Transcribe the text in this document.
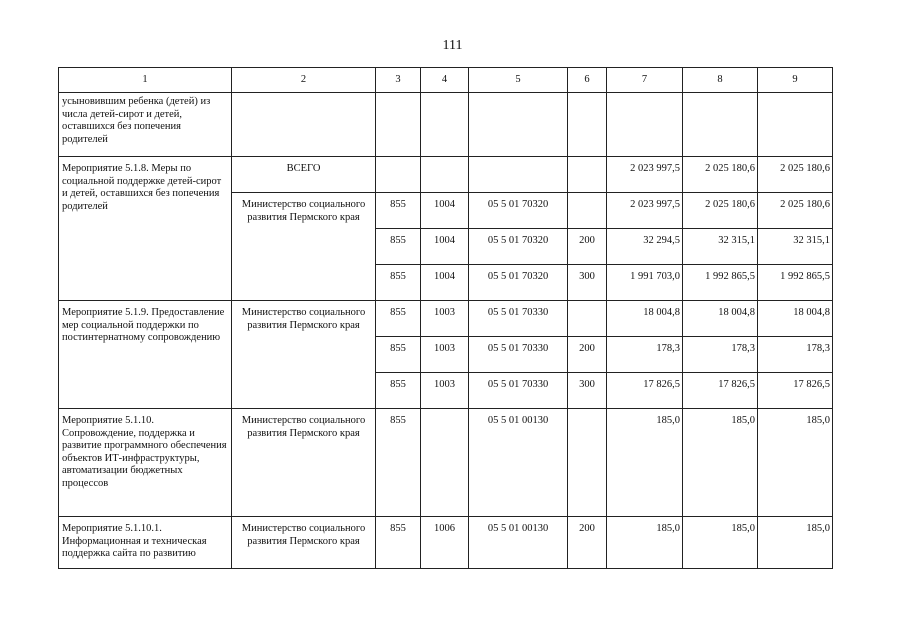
111
1	2	3	4	5	6	7	8	9
усыновившим ребенка (детей) из числа детей-сирот и детей, оставшихся без попечения родителей								
Мероприятие 5.1.8. Меры по социальной поддержке детей-сирот и детей, оставшихся без попечения родителей	ВСЕГО					2 023 997,5	2 025 180,6	2 025 180,6
	Министерство социального развития Пермского края	855	1004	05 5 01 70320		2 023 997,5	2 025 180,6	2 025 180,6
		855	1004	05 5 01 70320	200	32 294,5	32 315,1	32 315,1
		855	1004	05 5 01 70320	300	1 991 703,0	1 992 865,5	1 992 865,5
Мероприятие 5.1.9. Предоставление мер социальной поддержки по постинтернатному сопровождению	Министерство социального развития Пермского края	855	1003	05 5 01 70330		18 004,8	18 004,8	18 004,8
		855	1003	05 5 01 70330	200	178,3	178,3	178,3
		855	1003	05 5 01 70330	300	17 826,5	17 826,5	17 826,5
Мероприятие 5.1.10. Сопровождение, поддержка и развитие программного обеспечения объектов ИТ-инфраструктуры, автоматизации бюджетных процессов	Министерство социального развития Пермского края	855		05 5 01 00130		185,0	185,0	185,0
Мероприятие 5.1.10.1. Информационная и техническая поддержка сайта по развитию	Министерство социального развития Пермского края	855	1006	05 5 01 00130	200	185,0	185,0	185,0
